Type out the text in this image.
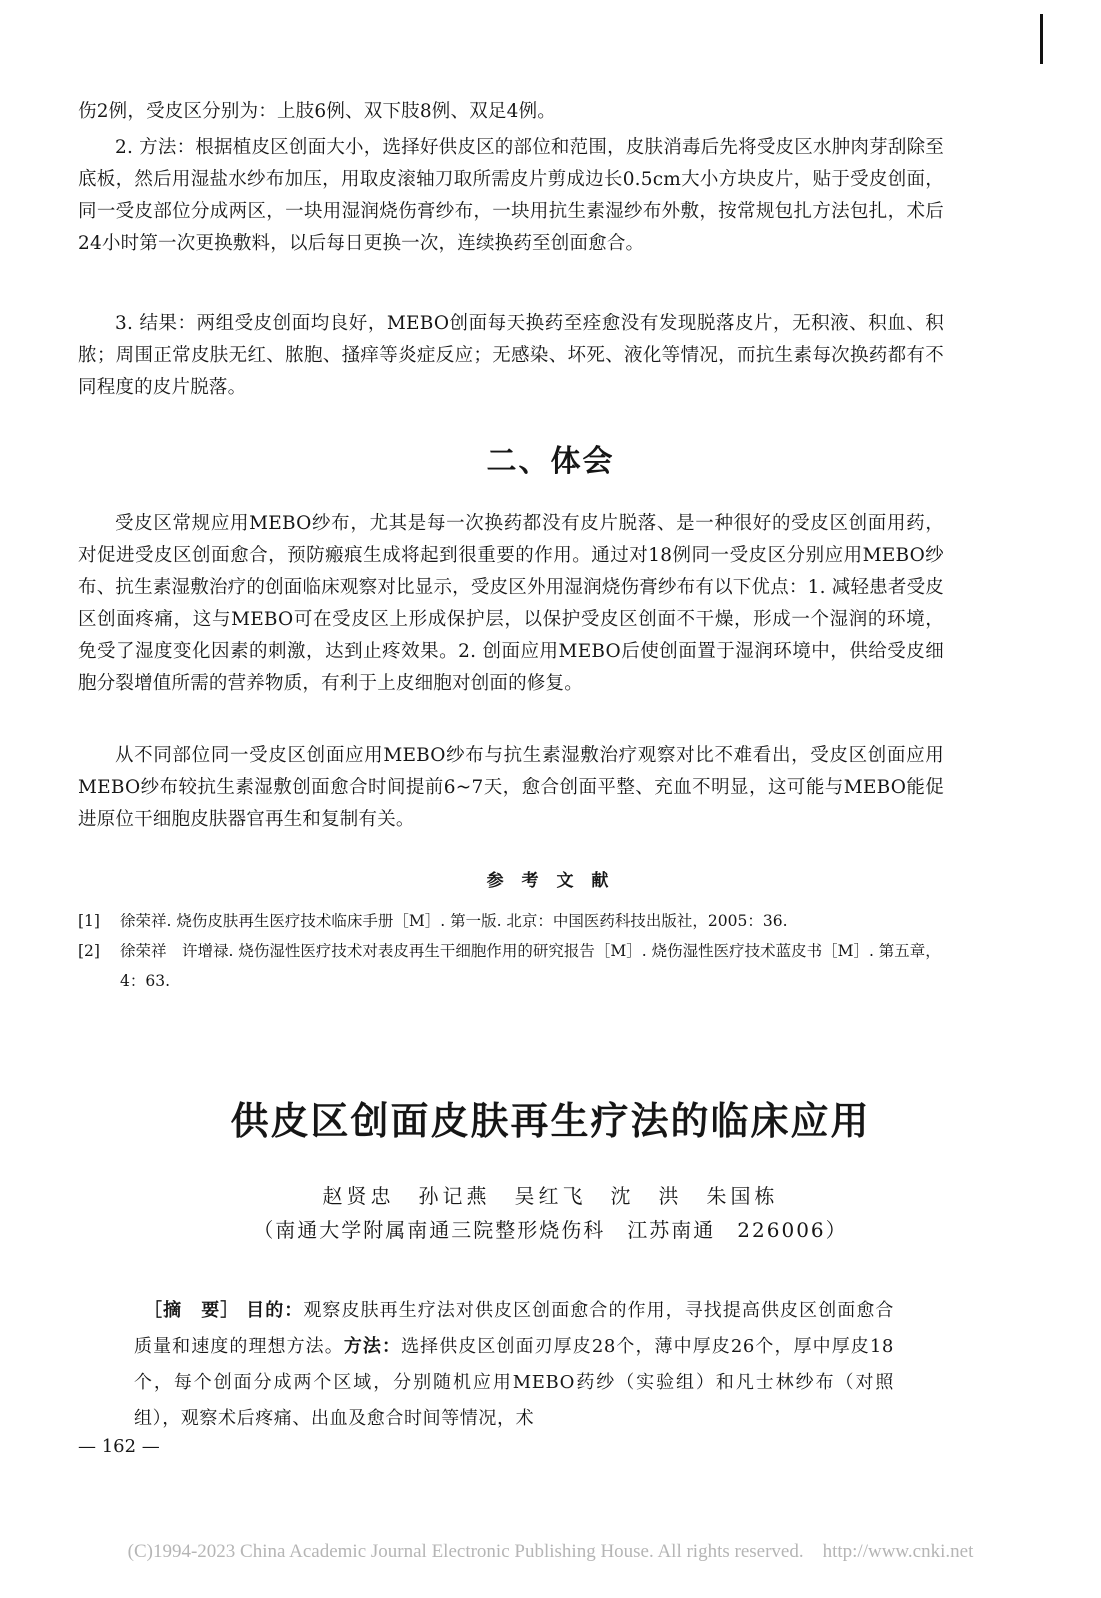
伤2例，受皮区分别为：上肢6例、双下肢8例、双足4例。

2. 方法：根据植皮区创面大小，选择好供皮区的部位和范围，皮肤消毒后先将受皮区水肿肉芽刮除至底板，然后用湿盐水纱布加压，用取皮滚轴刀取所需皮片剪成边长0.5cm大小方块皮片，贴于受皮创面，同一受皮部位分成两区，一块用湿润烧伤膏纱布，一块用抗生素湿纱布外敷，按常规包扎方法包扎，术后24小时第一次更换敷料，以后每日更换一次，连续换药至创面愈合。

3. 结果：两组受皮创面均良好，MEBO创面每天换药至痊愈没有发现脱落皮片，无积液、积血、积脓；周围正常皮肤无红、脓胞、搔痒等炎症反应；无感染、坏死、液化等情况，而抗生素每次换药都有不同程度的皮片脱落。

二、体会

受皮区常规应用MEBO纱布，尤其是每一次换药都没有皮片脱落、是一种很好的受皮区创面用药，对促进受皮区创面愈合，预防瘢痕生成将起到很重要的作用。通过对18例同一受皮区分别应用MEBO纱布、抗生素湿敷治疗的创面临床观察对比显示，受皮区外用湿润烧伤膏纱布有以下优点：1. 减轻患者受皮区创面疼痛，这与MEBO可在受皮区上形成保护层，以保护受皮区创面不干燥，形成一个湿润的环境，免受了湿度变化因素的刺激，达到止疼效果。2. 创面应用MEBO后使创面置于湿润环境中，供给受皮细胞分裂增值所需的营养物质，有利于上皮细胞对创面的修复。

从不同部位同一受皮区创面应用MEBO纱布与抗生素湿敷治疗观察对比不难看出，受皮区创面应用MEBO纱布较抗生素湿敷创面愈合时间提前6~7天，愈合创面平整、充血不明显，这可能与MEBO能促进原位干细胞皮肤器官再生和复制有关。

参 考 文 献
[1] 徐荣祥. 烧伤皮肤再生医疗技术临床手册［M］. 第一版. 北京：中国医药科技出版社，2005：36.
[2] 徐荣祥　许增禄. 烧伤湿性医疗技术对表皮再生干细胞作用的研究报告［M］. 烧伤湿性医疗技术蓝皮书［M］. 第五章，4：63.
供皮区创面皮肤再生疗法的临床应用

赵贤忠　孙记燕　吴红飞　沈　洪　朱国栋

（南通大学附属南通三院整形烧伤科　江苏南通　226006）

［摘　要］ 目的：观察皮肤再生疗法对供皮区创面愈合的作用，寻找提高供皮区创面愈合质量和速度的理想方法。方法：选择供皮区创面刃厚皮28个，薄中厚皮26个，厚中厚皮18个，每个创面分成两个区域，分别随机应用MEBO药纱（实验组）和凡士林纱布（对照组），观察术后疼痛、出血及愈合时间等情况，术

— 162 —

(C)1994-2023 China Academic Journal Electronic Publishing House. All rights reserved.　http://www.cnki.net
